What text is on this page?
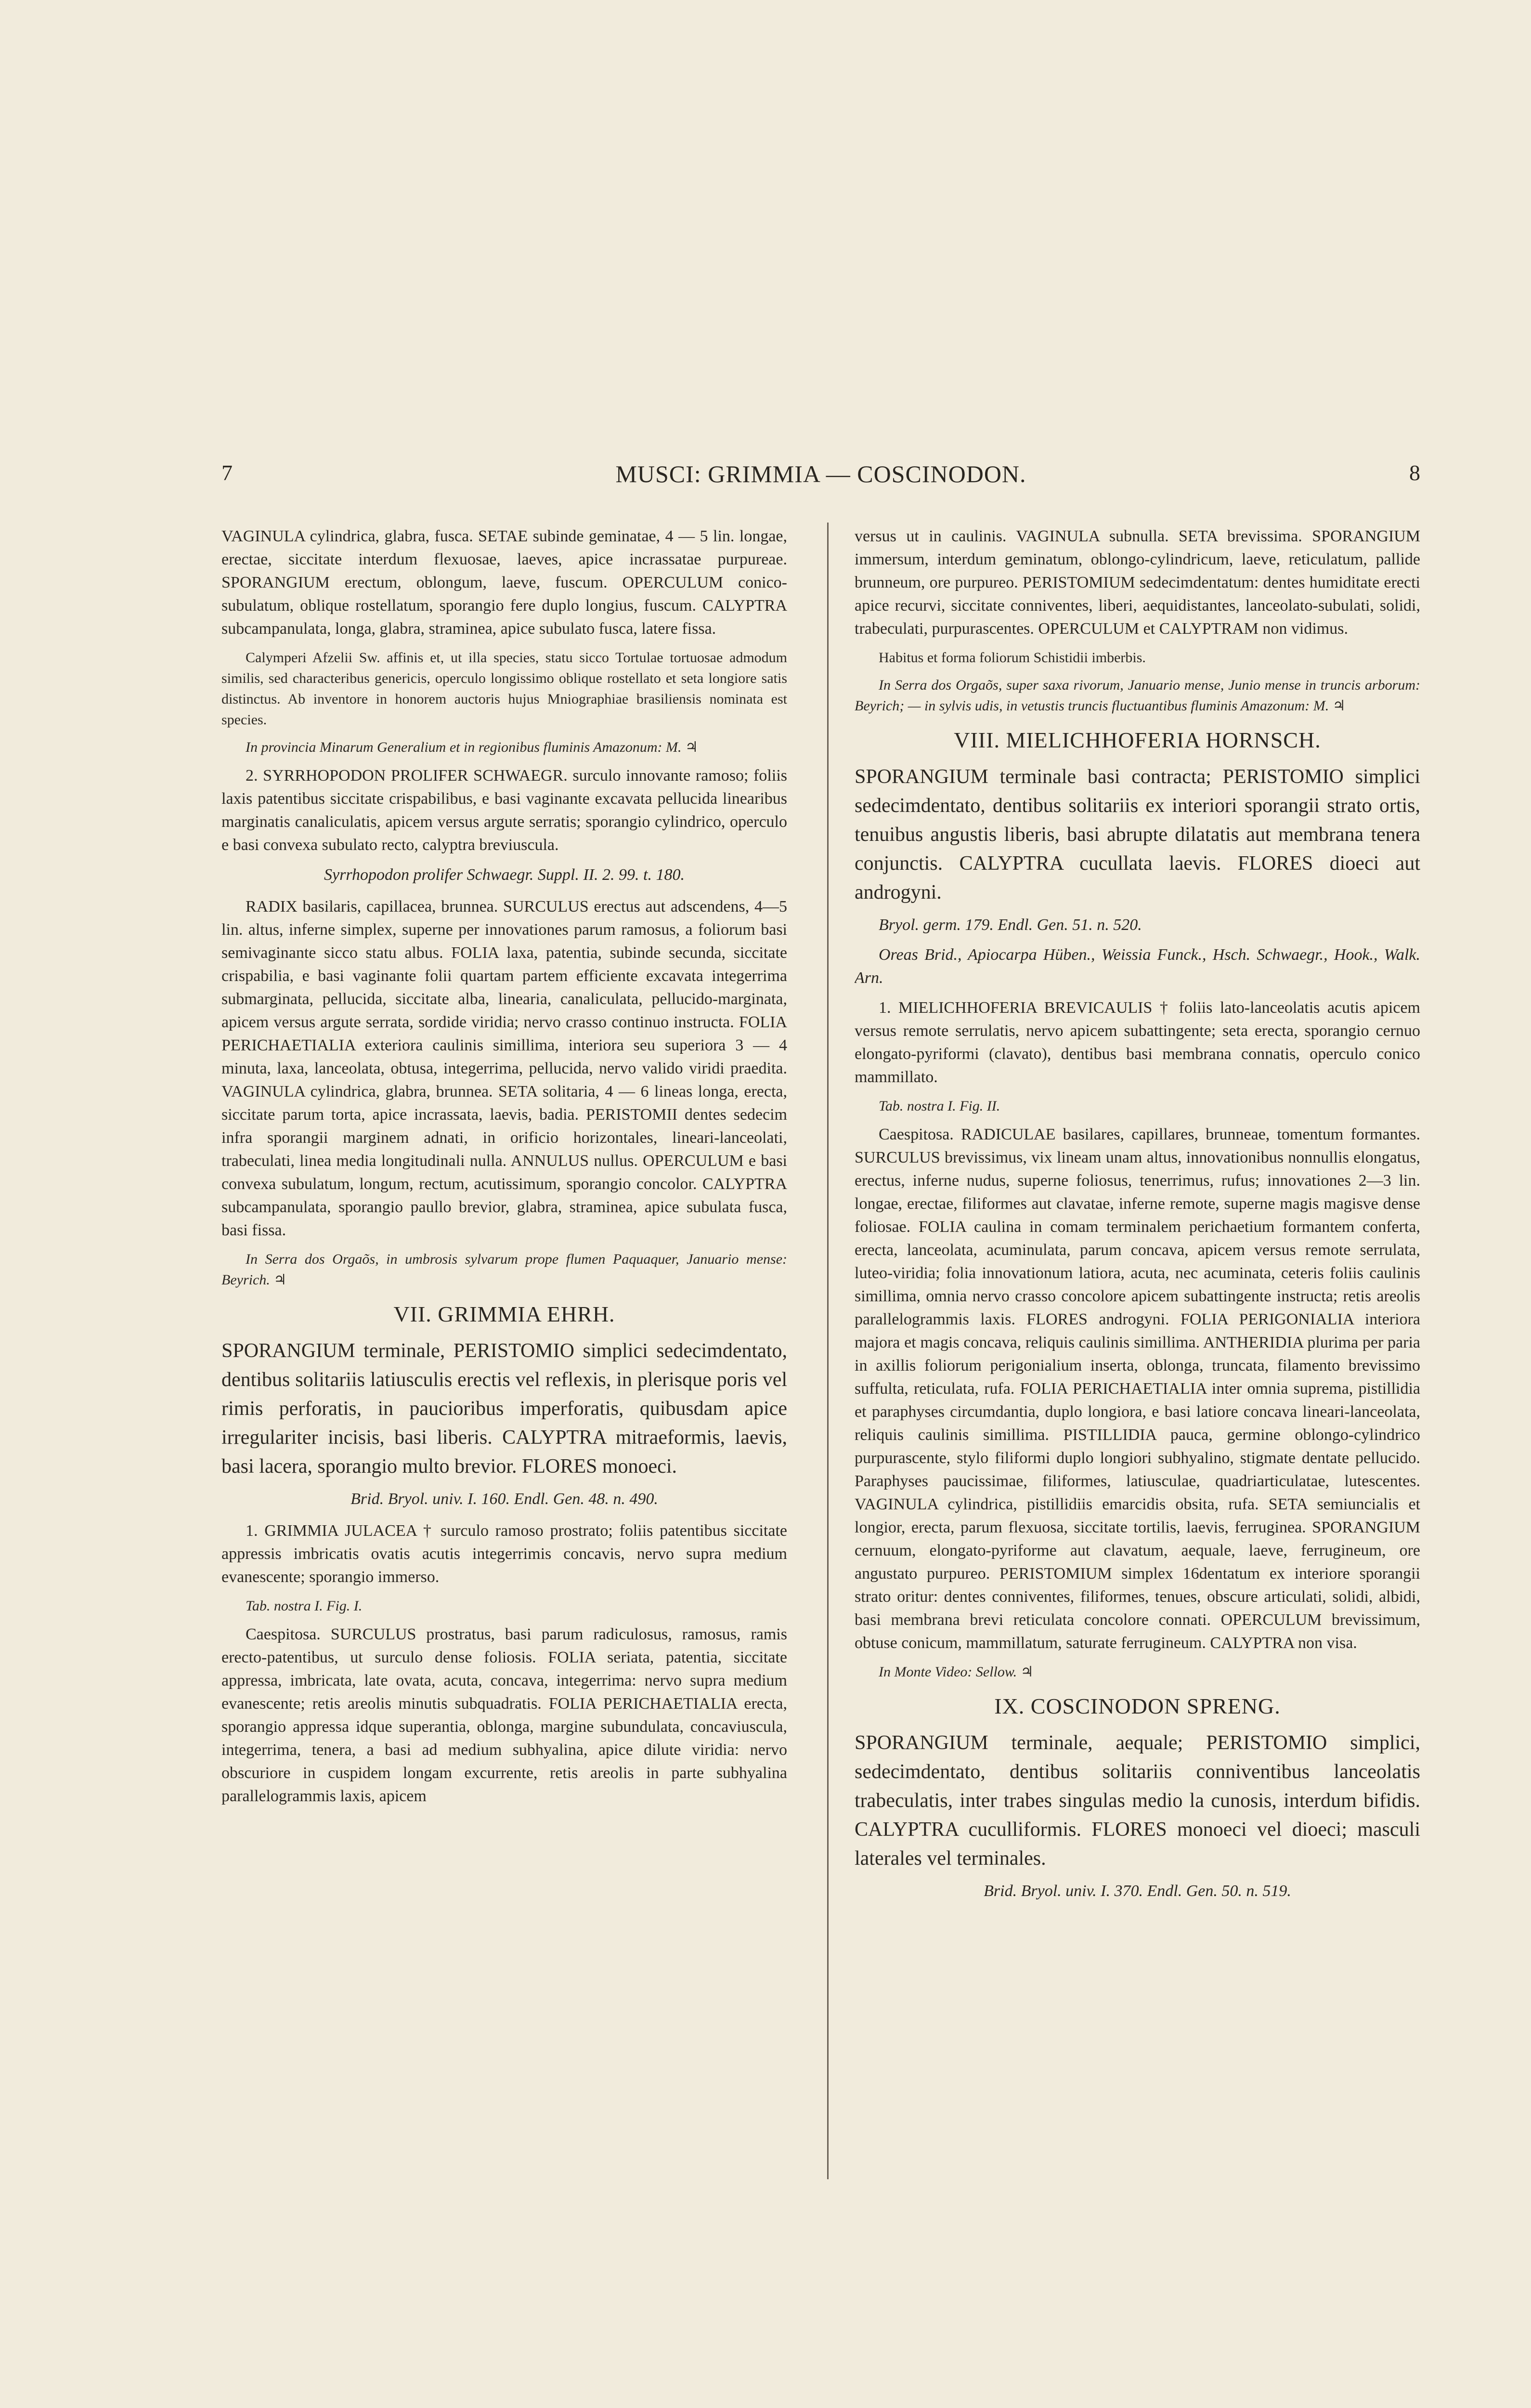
7	MUSCI: GRIMMIA — COSCINODON.	8

VAGINULA cylindrica, glabra, fusca. SETAE subinde geminatae, 4 — 5 lin. longae, erectae, siccitate interdum flexuosae, laeves, apice incrassatae purpureae. SPORANGIUM erectum, oblongum, laeve, fuscum. OPERCULUM conico-subulatum, oblique rostellatum, sporangio fere duplo longius, fuscum. CALYPTRA subcampanulata, longa, glabra, straminea, apice subulato fusca, latere fissa.

Calymperi Afzelii Sw. affinis et, ut illa species, statu sicco Tortulae tortuosae admodum similis, sed characteribus genericis, operculo longissimo oblique rostellato et seta longiore satis distinctus. Ab inventore in honorem auctoris hujus Mniographiae brasiliensis nominata est species.

In provincia Minarum Generalium et in regionibus fluminis Amazonum: M. ♃

2. SYRRHOPODON PROLIFER SCHWAEGR. surculo innovante ramoso; foliis laxis patentibus siccitate crispabilibus, e basi vaginante excavata pellucida linearibus marginatis canaliculatis, apicem versus argute serratis; sporangio cylindrico, operculo e basi convexa subulato recto, calyptra breviuscula.

Syrrhopodon prolifer Schwaegr. Suppl. II. 2. 99. t. 180.

RADIX basilaris, capillacea, brunnea. SURCULUS erectus aut adscendens, 4—5 lin. altus, inferne simplex, superne per innovationes parum ramosus, a foliorum basi semivaginante sicco statu albus. FOLIA laxa, patentia, subinde secunda, siccitate crispabilia, e basi vaginante folii quartam partem efficiente excavata integerrima submarginata, pellucida, siccitate alba, linearia, canaliculata, pellucido-marginata, apicem versus argute serrata, sordide viridia; nervo crasso continuo instructa. FOLIA PERICHAETIALIA exteriora caulinis simillima, interiora seu superiora 3 — 4 minuta, laxa, lanceolata, obtusa, integerrima, pellucida, nervo valido viridi praedita. VAGINULA cylindrica, glabra, brunnea. SETA solitaria, 4 — 6 lineas longa, erecta, siccitate parum torta, apice incrassata, laevis, badia. PERISTOMII dentes sedecim infra sporangii marginem adnati, in orificio horizontales, lineari-lanceolati, trabeculati, linea media longitudinali nulla. ANNULUS nullus. OPERCULUM e basi convexa subulatum, longum, rectum, acutissimum, sporangio concolor. CALYPTRA subcampanulata, sporangio paullo brevior, glabra, straminea, apice subulata fusca, basi fissa.

In Serra dos Orgaõs, in umbrosis sylvarum prope flumen Paquaquer, Januario mense: Beyrich. ♃

VII. GRIMMIA EHRH.

SPORANGIUM terminale, PERISTOMIO simplici sedecimdentato, dentibus solitariis latiusculis erectis vel reflexis, in plerisque poris vel rimis perforatis, in paucioribus imperforatis, quibusdam apice irregulariter incisis, basi liberis. CALYPTRA mitraeformis, laevis, basi lacera, sporangio multo brevior. FLORES monoeci.

Brid. Bryol. univ. I. 160. Endl. Gen. 48. n. 490.

1. GRIMMIA JULACEA † surculo ramoso prostrato; foliis patentibus siccitate appressis imbricatis ovatis acutis integerrimis concavis, nervo supra medium evanescente; sporangio immerso.

Tab. nostra I. Fig. I.

Caespitosa. SURCULUS prostratus, basi parum radiculosus, ramosus, ramis erecto-patentibus, ut surculo dense foliosis. FOLIA seriata, patentia, siccitate appressa, imbricata, late ovata, acuta, concava, integerrima: nervo supra medium evanescente; retis areolis minutis subquadratis. FOLIA PERICHAETIALIA erecta, sporangio appressa idque superantia, oblonga, margine subundulata, concaviuscula, integerrima, tenera, a basi ad medium subhyalina, apice dilute viridia: nervo obscuriore in cuspidem longam excurrente, retis areolis in parte subhyalina parallelogrammis laxis, apicem

versus ut in caulinis. VAGINULA subnulla. SETA brevissima. SPORANGIUM immersum, interdum geminatum, oblongo-cylindricum, laeve, reticulatum, pallide brunneum, ore purpureo. PERISTOMIUM sedecimdentatum: dentes humiditate erecti apice recurvi, siccitate conniventes, liberi, aequidistantes, lanceolato-subulati, solidi, trabeculati, purpurascentes. OPERCULUM et CALYPTRAM non vidimus.

Habitus et forma foliorum Schistidii imberbis.

In Serra dos Orgaõs, super saxa rivorum, Januario mense, Junio mense in truncis arborum: Beyrich; — in sylvis udis, in vetustis truncis fluctuantibus fluminis Amazonum: M. ♃

VIII. MIELICHHOFERIA HORNSCH.

SPORANGIUM terminale basi contracta; PERISTOMIO simplici sedecimdentato, dentibus solitariis ex interiori sporangii strato ortis, tenuibus angustis liberis, basi abrupte dilatatis aut membrana tenera conjunctis. CALYPTRA cucullata laevis. FLORES dioeci aut androgyni.

Bryol. germ. 179. Endl. Gen. 51. n. 520.

Oreas Brid., Apiocarpa Hüben., Weissia Funck., Hsch. Schwaegr., Hook., Walk. Arn.

1. MIELICHHOFERIA BREVICAULIS † foliis lato-lanceolatis acutis apicem versus remote serrulatis, nervo apicem subattingente; seta erecta, sporangio cernuo elongato-pyriformi (clavato), dentibus basi membrana connatis, operculo conico mammillato.

Tab. nostra I. Fig. II.

Caespitosa. RADICULAE basilares, capillares, brunneae, tomentum formantes. SURCULUS brevissimus, vix lineam unam altus, innovationibus nonnullis elongatus, erectus, inferne nudus, superne foliosus, tenerrimus, rufus; innovationes 2—3 lin. longae, erectae, filiformes aut clavatae, inferne remote, superne magis magisve dense foliosae. FOLIA caulina in comam terminalem perichaetium formantem conferta, erecta, lanceolata, acuminulata, parum concava, apicem versus remote serrulata, luteo-viridia; folia innovationum latiora, acuta, nec acuminata, ceteris foliis caulinis simillima, omnia nervo crasso concolore apicem subattingente instructa; retis areolis parallelogrammis laxis. FLORES androgyni. FOLIA PERIGONIALIA interiora majora et magis concava, reliquis caulinis simillima. ANTHERIDIA plurima per paria in axillis foliorum perigonialium inserta, oblonga, truncata, filamento brevissimo suffulta, reticulata, rufa. FOLIA PERICHAETIALIA inter omnia suprema, pistillidia et paraphyses circumdantia, duplo longiora, e basi latiore concava lineari-lanceolata, reliquis caulinis simillima. PISTILLIDIA pauca, germine oblongo-cylindrico purpurascente, stylo filiformi duplo longiori subhyalino, stigmate dentate pellucido. Paraphyses paucissimae, filiformes, latiusculae, quadriarticulatae, lutescentes. VAGINULA cylindrica, pistillidiis emarcidis obsita, rufa. SETA semiuncialis et longior, erecta, parum flexuosa, siccitate tortilis, laevis, ferruginea. SPORANGIUM cernuum, elongato-pyriforme aut clavatum, aequale, laeve, ferrugineum, ore angustato purpureo. PERISTOMIUM simplex 16dentatum ex interiore sporangii strato oritur: dentes conniventes, filiformes, tenues, obscure articulati, solidi, albidi, basi membrana brevi reticulata concolore connati. OPERCULUM brevissimum, obtuse conicum, mammillatum, saturate ferrugineum. CALYPTRA non visa.

In Monte Video: Sellow. ♃

IX. COSCINODON SPRENG.

SPORANGIUM terminale, aequale; PERISTOMIO simplici, sedecimdentato, dentibus solitariis conniventibus lanceolatis trabeculatis, inter trabes singulas medio la cunosis, interdum bifidis. CALYPTRA cuculliformis. FLORES monoeci vel dioeci; masculi laterales vel terminales.

Brid. Bryol. univ. I. 370. Endl. Gen. 50. n. 519.
